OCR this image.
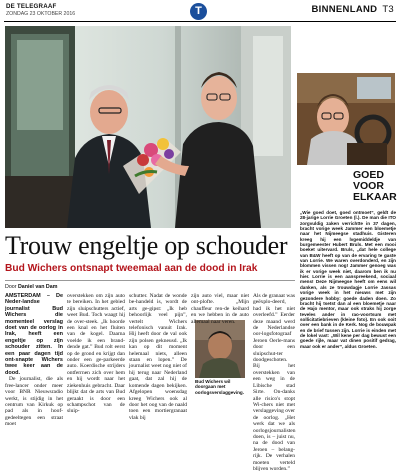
DE TELEGRAAF
ZONDAG 23 OKTOBER 2016	T	BINNENLAND T3
GOED
VOOR
ELKAAR
„Wie goed doet, goed ontmoet”, geldt de 28-jarige Lorrie Groeten (l.). De man die ITO zorgvuldig zaken verrichtte in 37 dagen, bracht vorige week Jammer een bloemetje naar het Nijmeegse stadhuis. Gisteren kreeg hij een lvgemiddeldje van burgemeester Hubert Bruls. Met een mooi boeket uitervard. Bruls, „dat hele college van B&W heeft op van de ervaring te gaste van Lorrie. We waren overdonderd, en zijn blommen vissen nog! Jammer genoeg was ik er vorige week niet, daarom ben ik nu hier. Lorrie is een aanspreekend, sociaal mens! Deze Nijmeegse heeft om eens wil danken, als ze trouwdagje Lorrie Jassas vorige week in het nieuws met zijn gezondere hobby: goede daden doen. Zo bracht hij tsetst dan al een bloemetje naar de Hajo mentor, maar ook straks hij zorge teveles ander in rao-voortsum met sollicitatiebrieven (kleine foto). En ook ooit over een bank in de Kerk. Nog de bouwpak en de brief tussen zijn. Lorrie is einden met de lokel vast: „Wil kene per dag bewust een goede rijle, maar vat dinen positif gedrag, maar ook er ander”, aldus Groeten.
Trouw engeltje op schouder
Bud Wichers ontsnapt tweemaal aan de dood in Irak
Door Daniel van Dam

AMSTERDAM – De Neder-landse journalist Bud Wichers die momenteel verslag doet van de oorlog in Irak, heeft een engeltje op zijn schouder zitten. In een paar dagen tijd ont-snapte Wichers twee keer aan de dood.

De journalist, die als free-lancer onder meer voor BNR Nieuwsradio werkt, is stijdig in het centrum van Kirkuk op pad als in hoof-gedeeltegen een straat moet

overstekken om zijn auto te bereiken. In het gebied zijn sluipschutters actief, weet Bud. Toch waagt hij de over-steek. „Ik hoorde een knal en het fluiten van de kogel. Daarna voelde ik een brand-dende gat.” Bud rolt eerst op de grond en krijgt dan onder een ge-parkeerde auto. Koerdische strijders ontferrnen zich over hem en hij wordt naar het ziekenhuis gebracht. Daar blijkt dat de arts van Bud geraakt is door een schampschot van de sluip-
schutter. Nadat de wonde be-handeld is, wordt de arts ge-gipst: „Ik heb behoorlijk veel pijn”, vertelt Wichers telefonisch vanuit Irak. Hij heeft door de val ook zijn polsen gekneusd. „Ik kan op dit moment helemaal niets, alleen staan en lopen.” De journalist weet nog niet of hij terug naar Nederland gaat, dat zal hij de komende dagen bekijken. Afgelopen woensdag kreeg Wichers ook al door het oog van de naald toen een mortiergranaat vlak bij
Bud Wichers wil doorgaan met oorlogsverslaggeving.
zijn auto viel, maar niet ont-plofte. „Mijn chauffeur ren-de keihard en we hebben in de auto allemaal naar veren.
Als de granaat was geëxplo-deerd, had ik het niet overleefd.” Eerder deze maand werd de Nederlandse oor-logsfotograaf Jeroen Oerle-mans door een sluipschut-ter doodgeschoten. Bij het overstekken van een weg in de Libische stad Sirte. On-danks alle risico's stopt Wi-chers niet met verslaggeving over de oorlog. „Het werk dat we als oorlogsjournalisten doen, is – juist nu, na de dood van Jeroen – belang-rijk. De verhalen moeten verteld blijven worden.”
